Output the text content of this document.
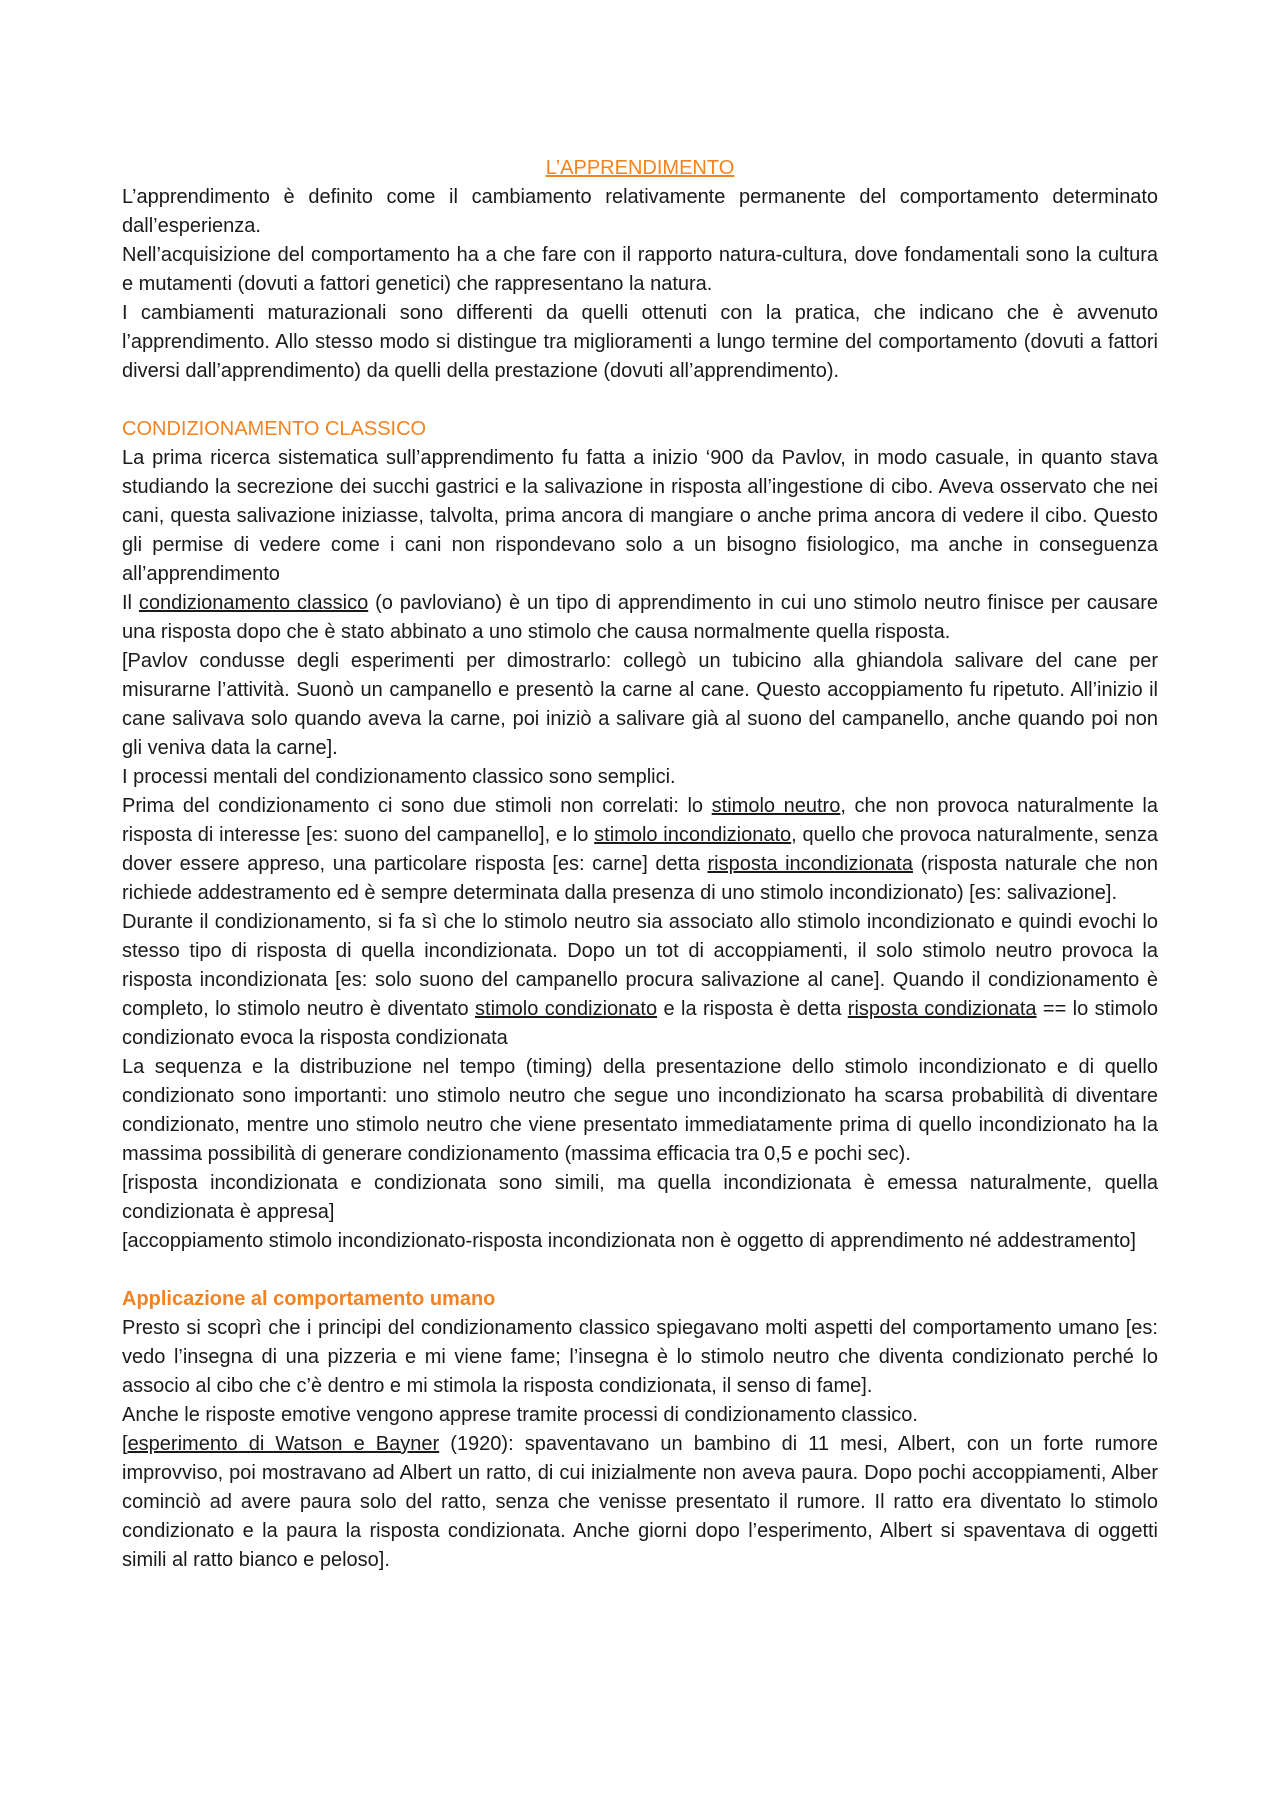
L’APPRENDIMENTO

L’apprendimento è definito come il cambiamento relativamente permanente del comportamento determinato dall’esperienza.

Nell’acquisizione del comportamento ha a che fare con il rapporto natura-cultura, dove fondamentali sono la cultura e mutamenti (dovuti a fattori genetici) che rappresentano la natura.

I cambiamenti maturazionali sono differenti da quelli ottenuti con la pratica, che indicano che è avvenuto l’apprendimento. Allo stesso modo si distingue tra miglioramenti a lungo termine del comportamento (dovuti a fattori diversi dall’apprendimento) da quelli della prestazione (dovuti all’apprendimento).

CONDIZIONAMENTO CLASSICO

La prima ricerca sistematica sull’apprendimento fu fatta a inizio ‘900 da Pavlov, in modo casuale, in quanto stava studiando la secrezione dei succhi gastrici e la salivazione in risposta all’ingestione di cibo. Aveva osservato che nei cani, questa salivazione iniziasse, talvolta, prima ancora di mangiare o anche prima ancora di vedere il cibo. Questo gli permise di vedere come i cani non rispondevano solo a un bisogno fisiologico, ma anche in conseguenza all’apprendimento

Il condizionamento classico (o pavloviano) è un tipo di apprendimento in cui uno stimolo neutro finisce per causare una risposta dopo che è stato abbinato a uno stimolo che causa normalmente quella risposta.

[Pavlov condusse degli esperimenti per dimostrarlo: collegò un tubicino alla ghiandola salivare del cane per misurarne l’attività. Suonò un campanello e presentò la carne al cane. Questo accoppiamento fu ripetuto. All’inizio il cane salivava solo quando aveva la carne, poi iniziò a salivare già al suono del campanello, anche quando poi non gli veniva data la carne].

I processi mentali del condizionamento classico sono semplici.

Prima del condizionamento ci sono due stimoli non correlati: lo stimolo neutro, che non provoca naturalmente la risposta di interesse [es: suono del campanello], e lo stimolo incondizionato, quello che provoca naturalmente, senza dover essere appreso, una particolare risposta [es: carne] detta risposta incondizionata (risposta naturale che non richiede addestramento ed è sempre determinata dalla presenza di uno stimolo incondizionato) [es: salivazione].

Durante il condizionamento, si fa sì che lo stimolo neutro sia associato allo stimolo incondizionato e quindi evochi lo stesso tipo di risposta di quella incondizionata. Dopo un tot di accoppiamenti, il solo stimolo neutro provoca la risposta incondizionata [es: solo suono del campanello procura salivazione al cane]. Quando il condizionamento è completo, lo stimolo neutro è diventato stimolo condizionato e la risposta è detta risposta condizionata == lo stimolo condizionato evoca la risposta condizionata

La sequenza e la distribuzione nel tempo (timing) della presentazione dello stimolo incondizionato e di quello condizionato sono importanti: uno stimolo neutro che segue uno incondizionato ha scarsa probabilità di diventare condizionato, mentre uno stimolo neutro che viene presentato immediatamente prima di quello incondizionato ha la massima possibilità di generare condizionamento (massima efficacia tra 0,5 e pochi sec).

[risposta incondizionata e condizionata sono simili, ma quella incondizionata è emessa naturalmente, quella condizionata è appresa]

[accoppiamento stimolo incondizionato-risposta incondizionata non è oggetto di apprendimento né addestramento]

Applicazione al comportamento umano

Presto si scoprì che i principi del condizionamento classico spiegavano molti aspetti del comportamento umano [es: vedo l’insegna di una pizzeria e mi viene fame; l’insegna è lo stimolo neutro che diventa condizionato perché lo associo al cibo che c’è dentro e mi stimola la risposta condizionata, il senso di fame].

Anche le risposte emotive vengono apprese tramite processi di condizionamento classico.

[esperimento di Watson e Bayner (1920): spaventavano un bambino di 11 mesi, Albert, con un forte rumore improvviso, poi mostravano ad Albert un ratto, di cui inizialmente non aveva paura. Dopo pochi accoppiamenti, Alber cominciò ad avere paura solo del ratto, senza che venisse presentato il rumore. Il ratto era diventato lo stimolo condizionato e la paura la risposta condizionata. Anche giorni dopo l’esperimento, Albert si spaventava di oggetti simili al ratto bianco e peloso].
